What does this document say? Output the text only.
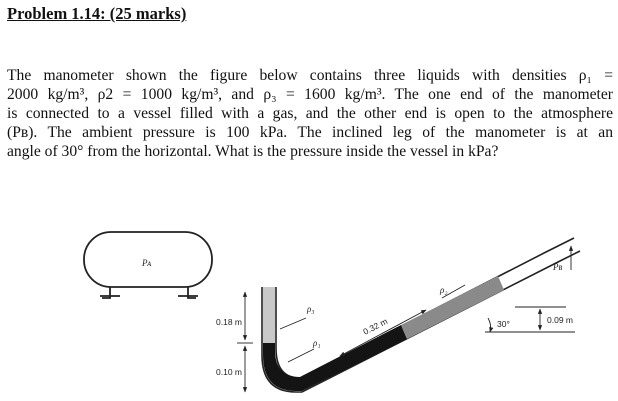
Problem 1.14: (25 marks)
The manometer shown the figure below contains three liquids with densities ρ₁ =
2000 kg/m³, ρ2 = 1000 kg/m³, and ρ₃ = 1600 kg/m³. The one end of the manometer
is connected to a vessel filled with a gas, and the other end is open to the atmosphere
(Pʙ). The ambient pressure is 100 kPa. The inclined leg of the manometer is at an
angle of 30° from the horizontal. What is the pressure inside the vessel in kPa?
Pᴀ	Pʙ
ρ₃
ρ₁
ρ₂
0.18 m
0.10 m
0.32 m	0.09 m
30°
